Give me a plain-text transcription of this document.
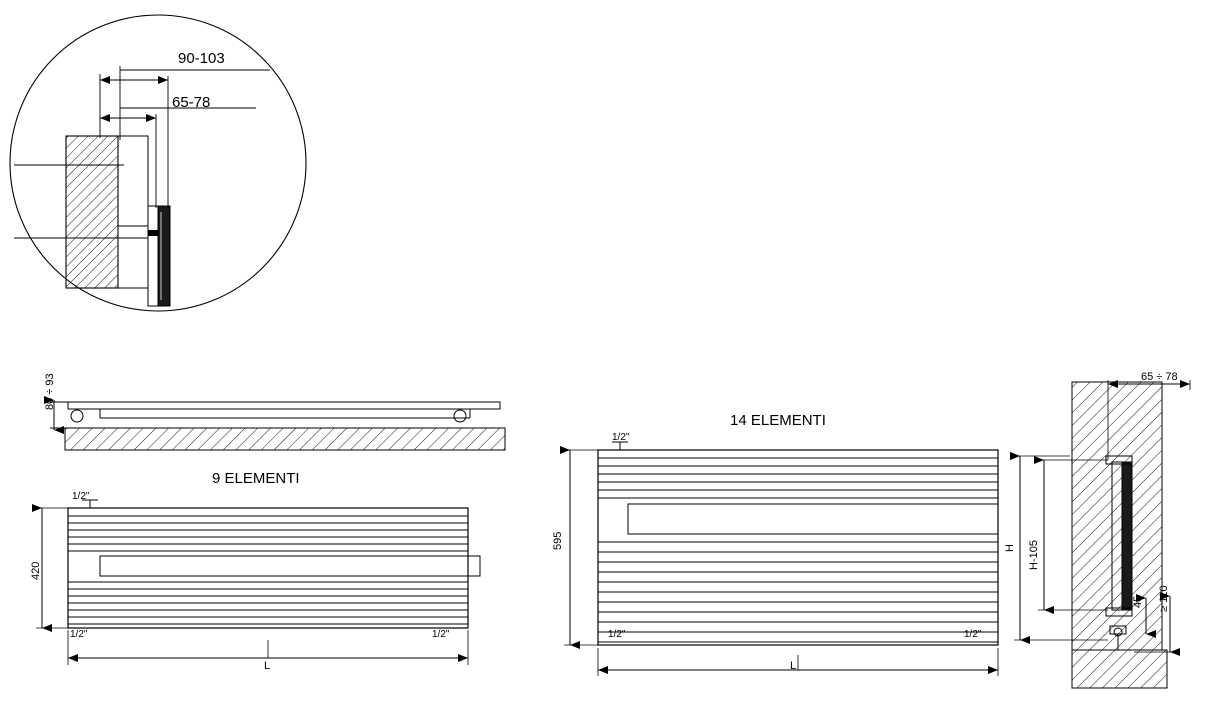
90-103
65-78
80 ÷ 93
9 ELEMENTI
1/2"
420
1/2"	1/2"
L
14 ELEMENTI
1/2"
595
1/2"	1/2"
L
65 ÷ 78
H H-105
45 ≥ 110
